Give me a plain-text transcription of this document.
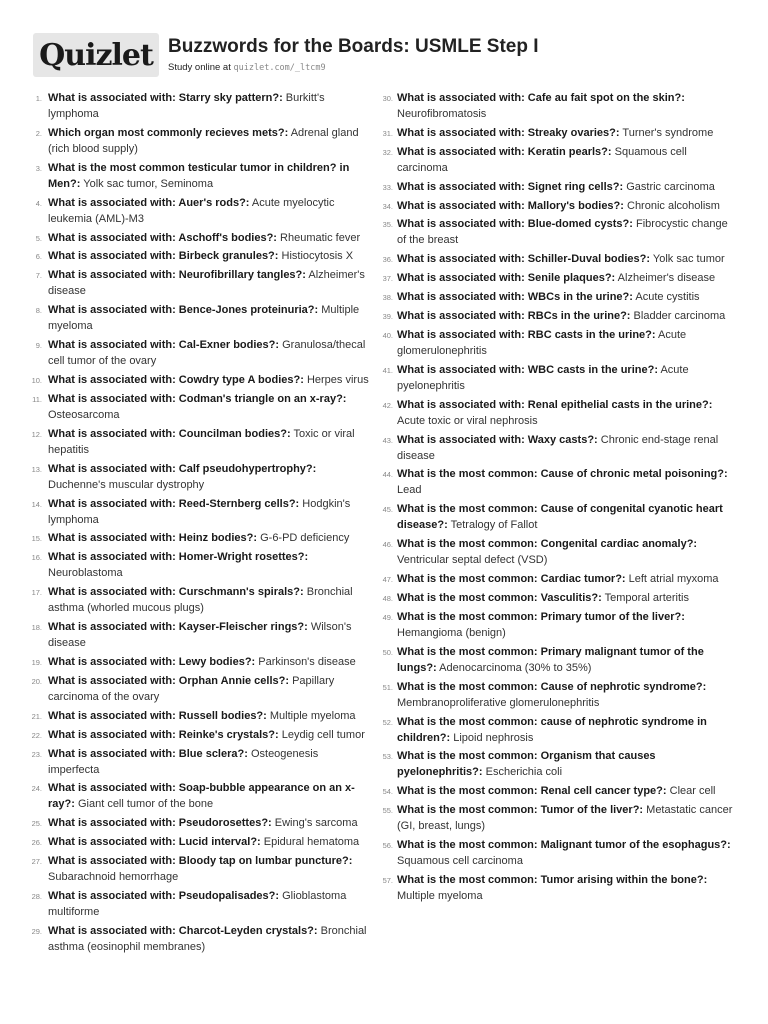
Quizlet Buzzwords for the Boards: USMLE Step I
Study online at quizlet.com/_ltcm9
1. What is associated with: Starry sky pattern?: Burkitt's lymphoma
2. Which organ most commonly recieves mets?: Adrenal gland (rich blood supply)
3. What is the most common testicular tumor in children? in Men?: Yolk sac tumor, Seminoma
4. What is associated with: Auer's rods?: Acute myelocytic leukemia (AML)-M3
5. What is associated with: Aschoff's bodies?: Rheumatic fever
6. What is associated with: Birbeck granules?: Histiocytosis X
7. What is associated with: Neurofibrillary tangles?: Alzheimer's disease
8. What is associated with: Bence-Jones proteinuria?: Multiple myeloma
9. What is associated with: Cal-Exner bodies?: Granulosa/thecal cell tumor of the ovary
10. What is associated with: Cowdry type A bodies?: Herpes virus
11. What is associated with: Codman's triangle on an x-ray?: Osteosarcoma
12. What is associated with: Councilman bodies?: Toxic or viral hepatitis
13. What is associated with: Calf pseudohypertrophy?: Duchenne's muscular dystrophy
14. What is associated with: Reed-Sternberg cells?: Hodgkin's lymphoma
15. What is associated with: Heinz bodies?: G-6-PD deficiency
16. What is associated with: Homer-Wright rosettes?: Neuroblastoma
17. What is associated with: Curschmann's spirals?: Bronchial asthma (whorled mucous plugs)
18. What is associated with: Kayser-Fleischer rings?: Wilson's disease
19. What is associated with: Lewy bodies?: Parkinson's disease
20. What is associated with: Orphan Annie cells?: Papillary carcinoma of the ovary
21. What is associated with: Russell bodies?: Multiple myeloma
22. What is associated with: Reinke's crystals?: Leydig cell tumor
23. What is associated with: Blue sclera?: Osteogenesis imperfecta
24. What is associated with: Soap-bubble appearance on an x-ray?: Giant cell tumor of the bone
25. What is associated with: Pseudorosettes?: Ewing's sarcoma
26. What is associated with: Lucid interval?: Epidural hematoma
27. What is associated with: Bloody tap on lumbar puncture?: Subarachnoid hemorrhage
28. What is associated with: Pseudopalisades?: Glioblastoma multiforme
29. What is associated with: Charcot-Leyden crystals?: Bronchial asthma (eosinophil membranes)
30. What is associated with: Cafe au fait spot on the skin?: Neurofibromatosis
31. What is associated with: Streaky ovaries?: Turner's syndrome
32. What is associated with: Keratin pearls?: Squamous cell carcinoma
33. What is associated with: Signet ring cells?: Gastric carcinoma
34. What is associated with: Mallory's bodies?: Chronic alcoholism
35. What is associated with: Blue-domed cysts?: Fibrocystic change of the breast
36. What is associated with: Schiller-Duval bodies?: Yolk sac tumor
37. What is associated with: Senile plaques?: Alzheimer's disease
38. What is associated with: WBCs in the urine?: Acute cystitis
39. What is associated with: RBCs in the urine?: Bladder carcinoma
40. What is associated with: RBC casts in the urine?: Acute glomerulonephritis
41. What is associated with: WBC casts in the urine?: Acute pyelonephritis
42. What is associated with: Renal epithelial casts in the urine?: Acute toxic or viral nephrosis
43. What is associated with: Waxy casts?: Chronic end-stage renal disease
44. What is the most common: Cause of chronic metal poisoning?: Lead
45. What is the most common: Cause of congenital cyanotic heart disease?: Tetralogy of Fallot
46. What is the most common: Congenital cardiac anomaly?: Ventricular septal defect (VSD)
47. What is the most common: Cardiac tumor?: Left atrial myxoma
48. What is the most common: Vasculitis?: Temporal arteritis
49. What is the most common: Primary tumor of the liver?: Hemangioma (benign)
50. What is the most common: Primary malignant tumor of the lungs?: Adenocarcinoma (30% to 35%)
51. What is the most common: Cause of nephrotic syndrome?: Membranoproliferative glomerulonephritis
52. What is the most common: cause of nephrotic syndrome in children?: Lipoid nephrosis
53. What is the most common: Organism that causes pyelonephritis?: Escherichia coli
54. What is the most common: Renal cell cancer type?: Clear cell
55. What is the most common: Tumor of the liver?: Metastatic cancer (GI, breast, lungs)
56. What is the most common: Malignant tumor of the esophagus?: Squamous cell carcinoma
57. What is the most common: Tumor arising within the bone?: Multiple myeloma
